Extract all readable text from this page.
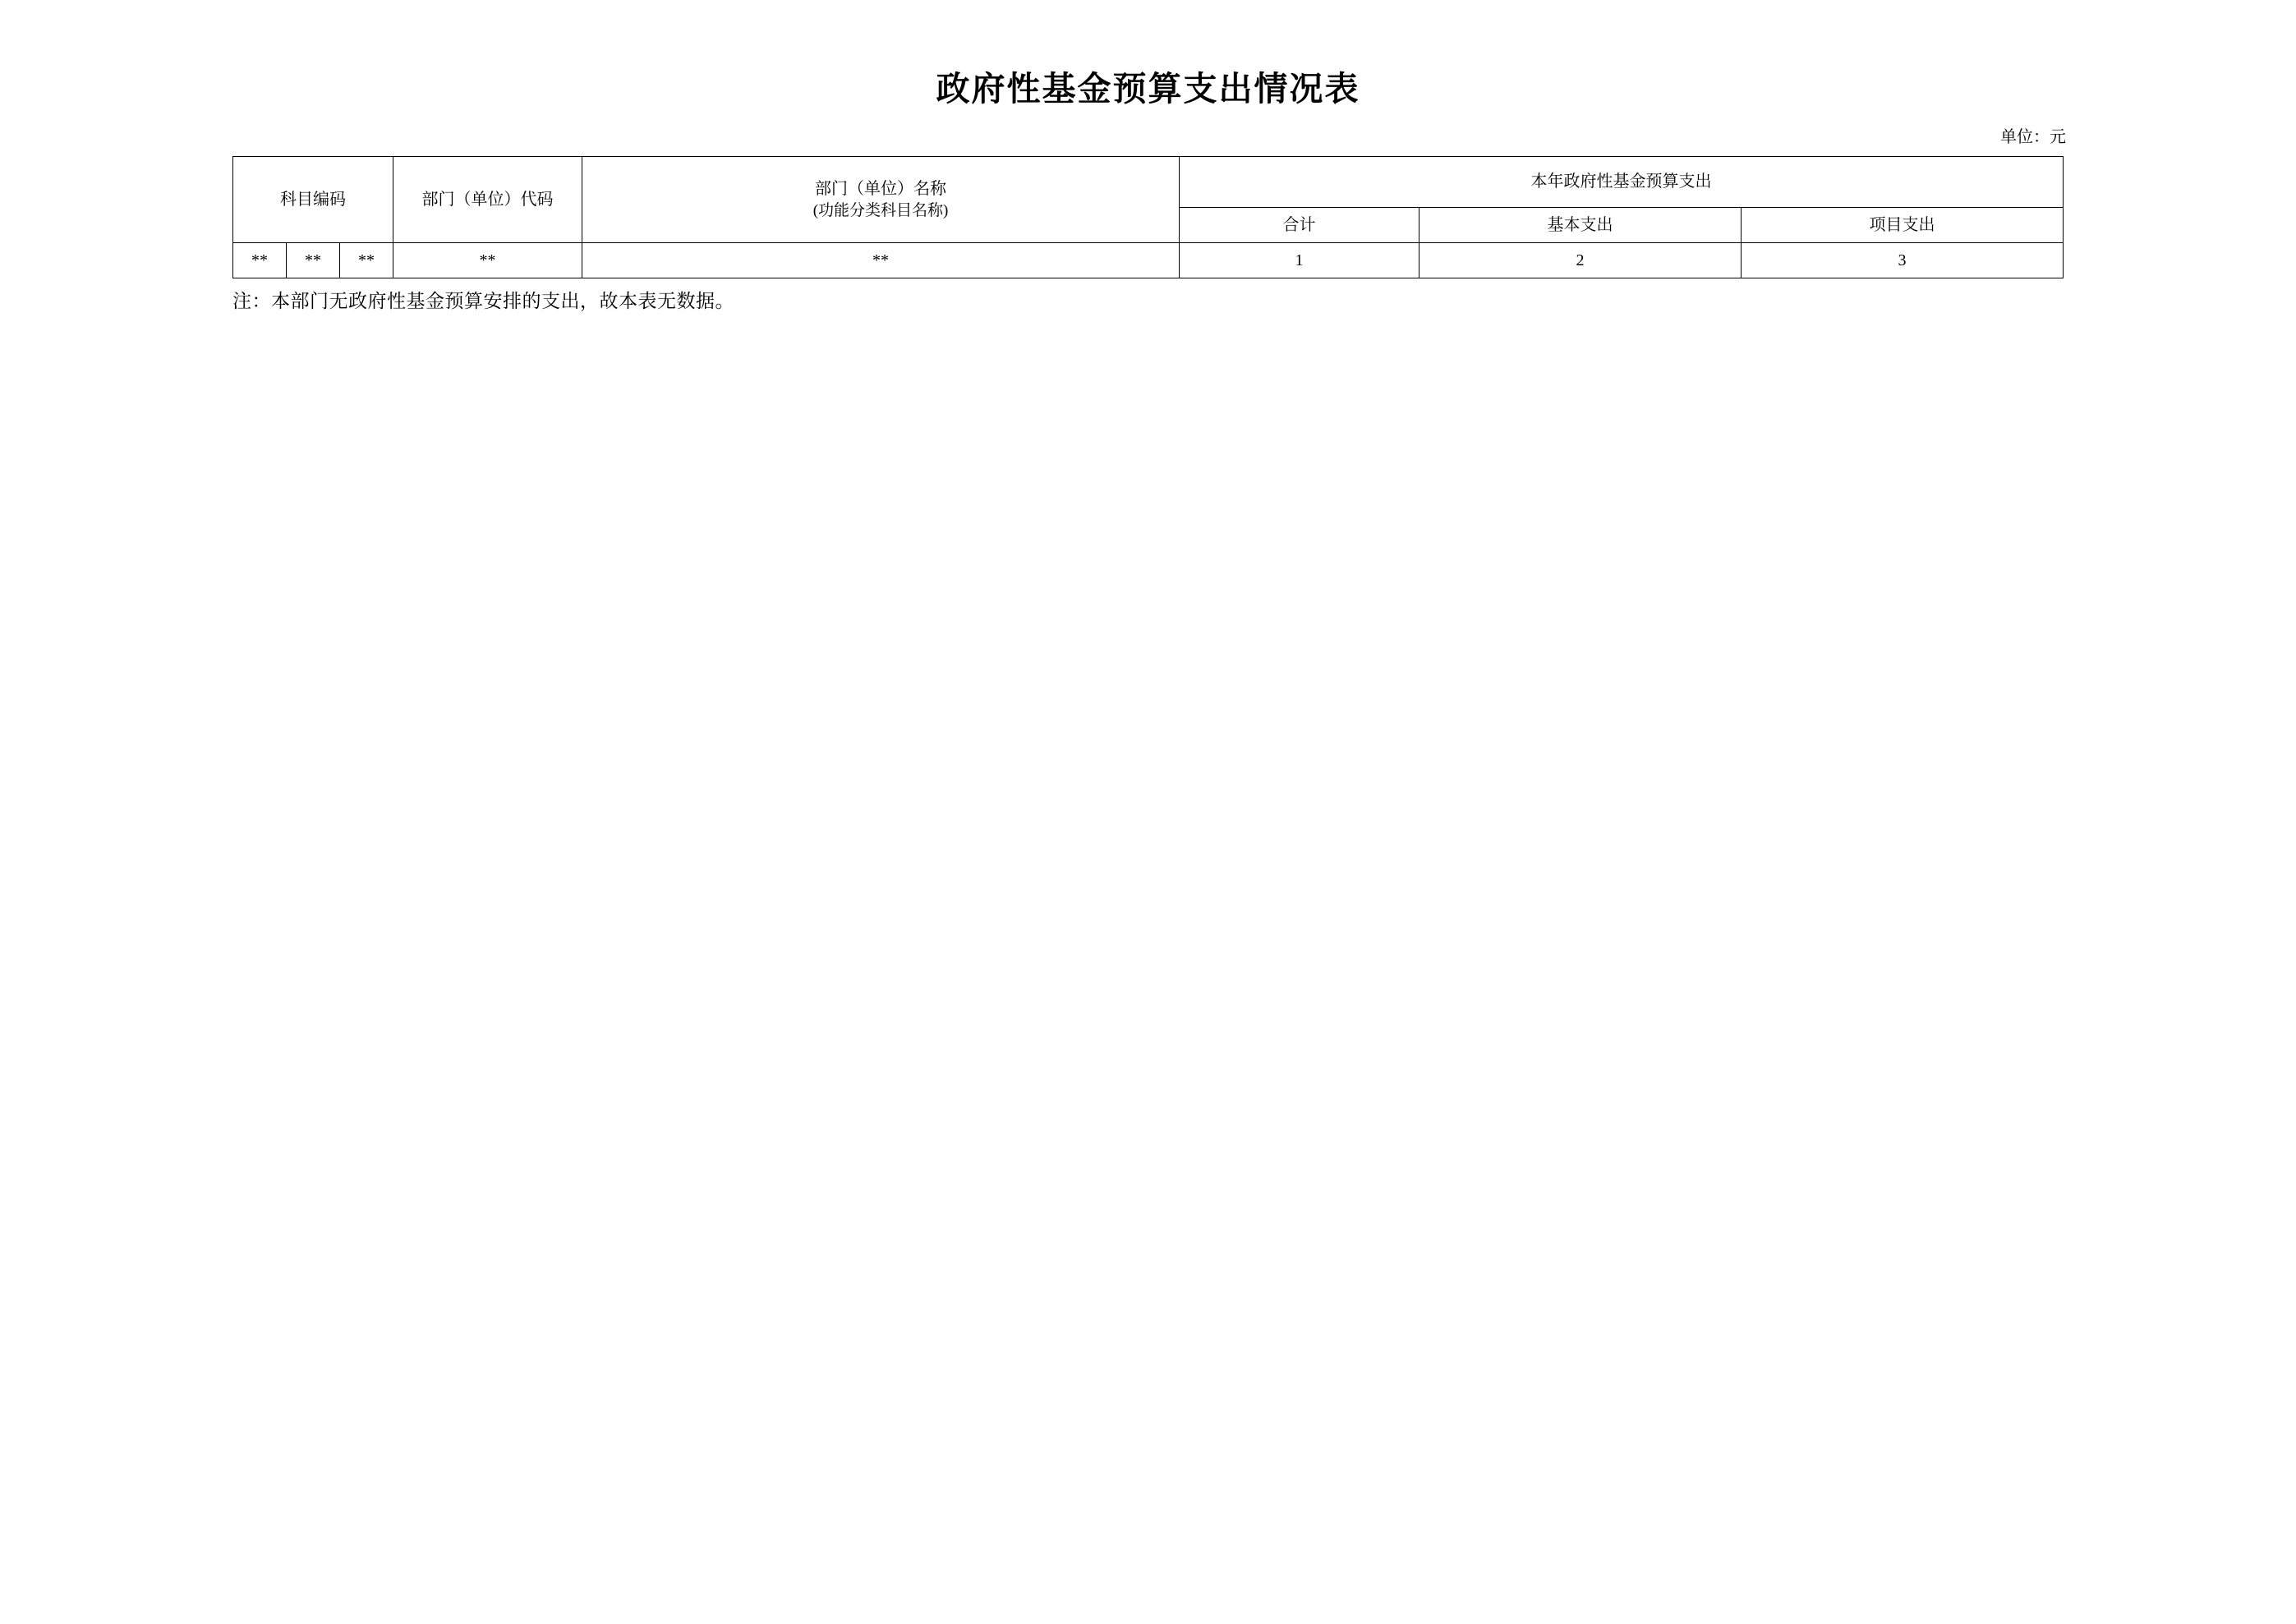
政府性基金预算支出情况表
单位：元
科目编码			部门（单位）代码	部门（单位）名称
(功能分类科目名称)	本年政府性基金预算支出		
					合计	基本支出	项目支出
**	**	**	**	**	1	2	3
注：本部门无政府性基金预算安排的支出，故本表无数据。
